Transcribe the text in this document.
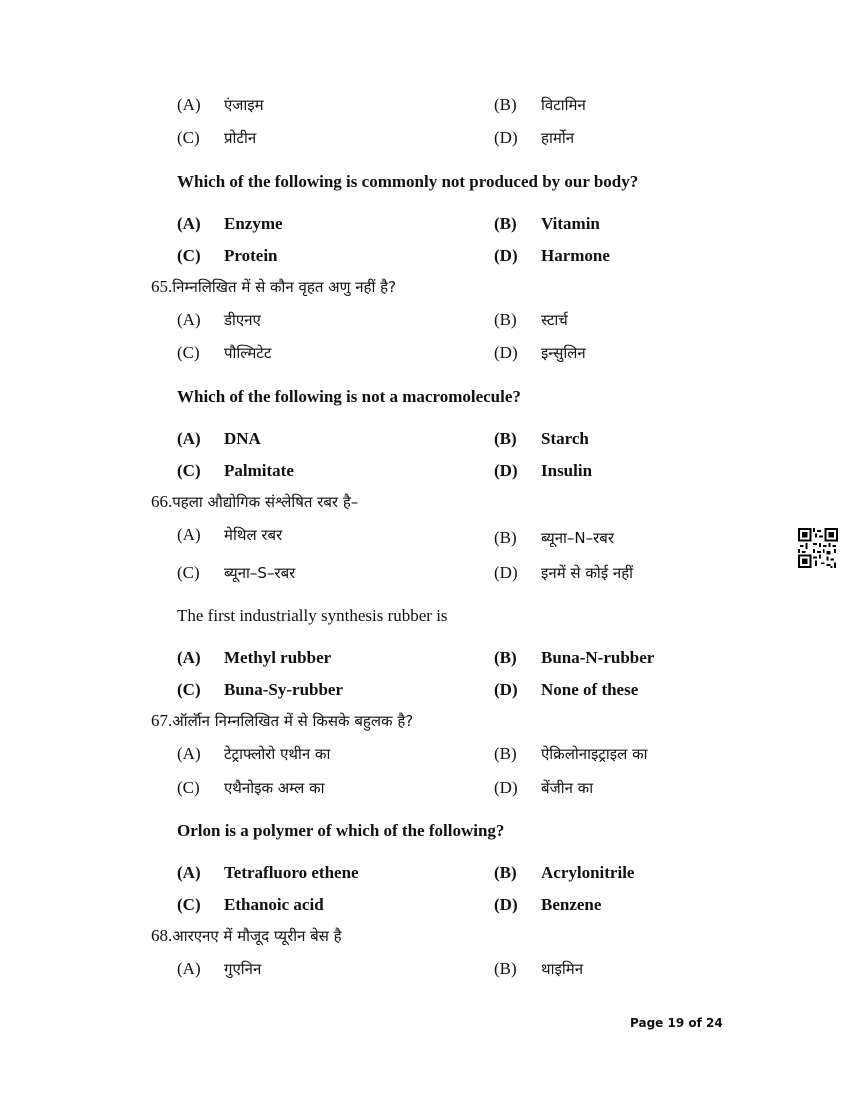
(A)	एंजाइम	(B)	विटामिन
(C)	प्रोटीन	(D)	हार्मोन
Which of the following is commonly not produced by our body?
(A)	Enzyme	(B)	Vitamin
(C)	Protein	(D)	Harmone
65.निम्नलिखित में से कौन वृहत अणु नहीं है?
(A)	डीएनए	(B)	स्टार्च
(C)	पौल्मिटेट	(D)	इन्सुलिन
Which of the following is not a macromolecule?
(A)	DNA	(B)	Starch
(C)	Palmitate	(D)	Insulin
66.पहला औद्योगिक संश्लेषित रबर है–
(A)	मेथिल रबर	(B)	ब्यूना–N–रबर
(C)	ब्यूना–S–रबर	(D)	इनमें से कोई नहीं
The first industrially synthesis rubber is
(A)	Methyl rubber	(B)	Buna-N-rubber
(C)	Buna-Sy-rubber	(D)	None of these
67.ऑर्लॉन निम्नलिखित में से किसके बहुलक है?
(A)	टेट्राफ्लोरो एथीन का	(B)	ऐक्रिलोनाइट्राइल का
(C)	एथैनोइक अम्ल का	(D)	बेंजीन का
Orlon is a polymer of which of the following?
(A)	Tetrafluoro ethene	(B)	Acrylonitrile
(C)	Ethanoic acid	(D)	Benzene
68.आरएनए में मौजूद प्यूरीन बेस है
(A)	गुएनिन	(B)	थाइमिन
Page 19 of 24
